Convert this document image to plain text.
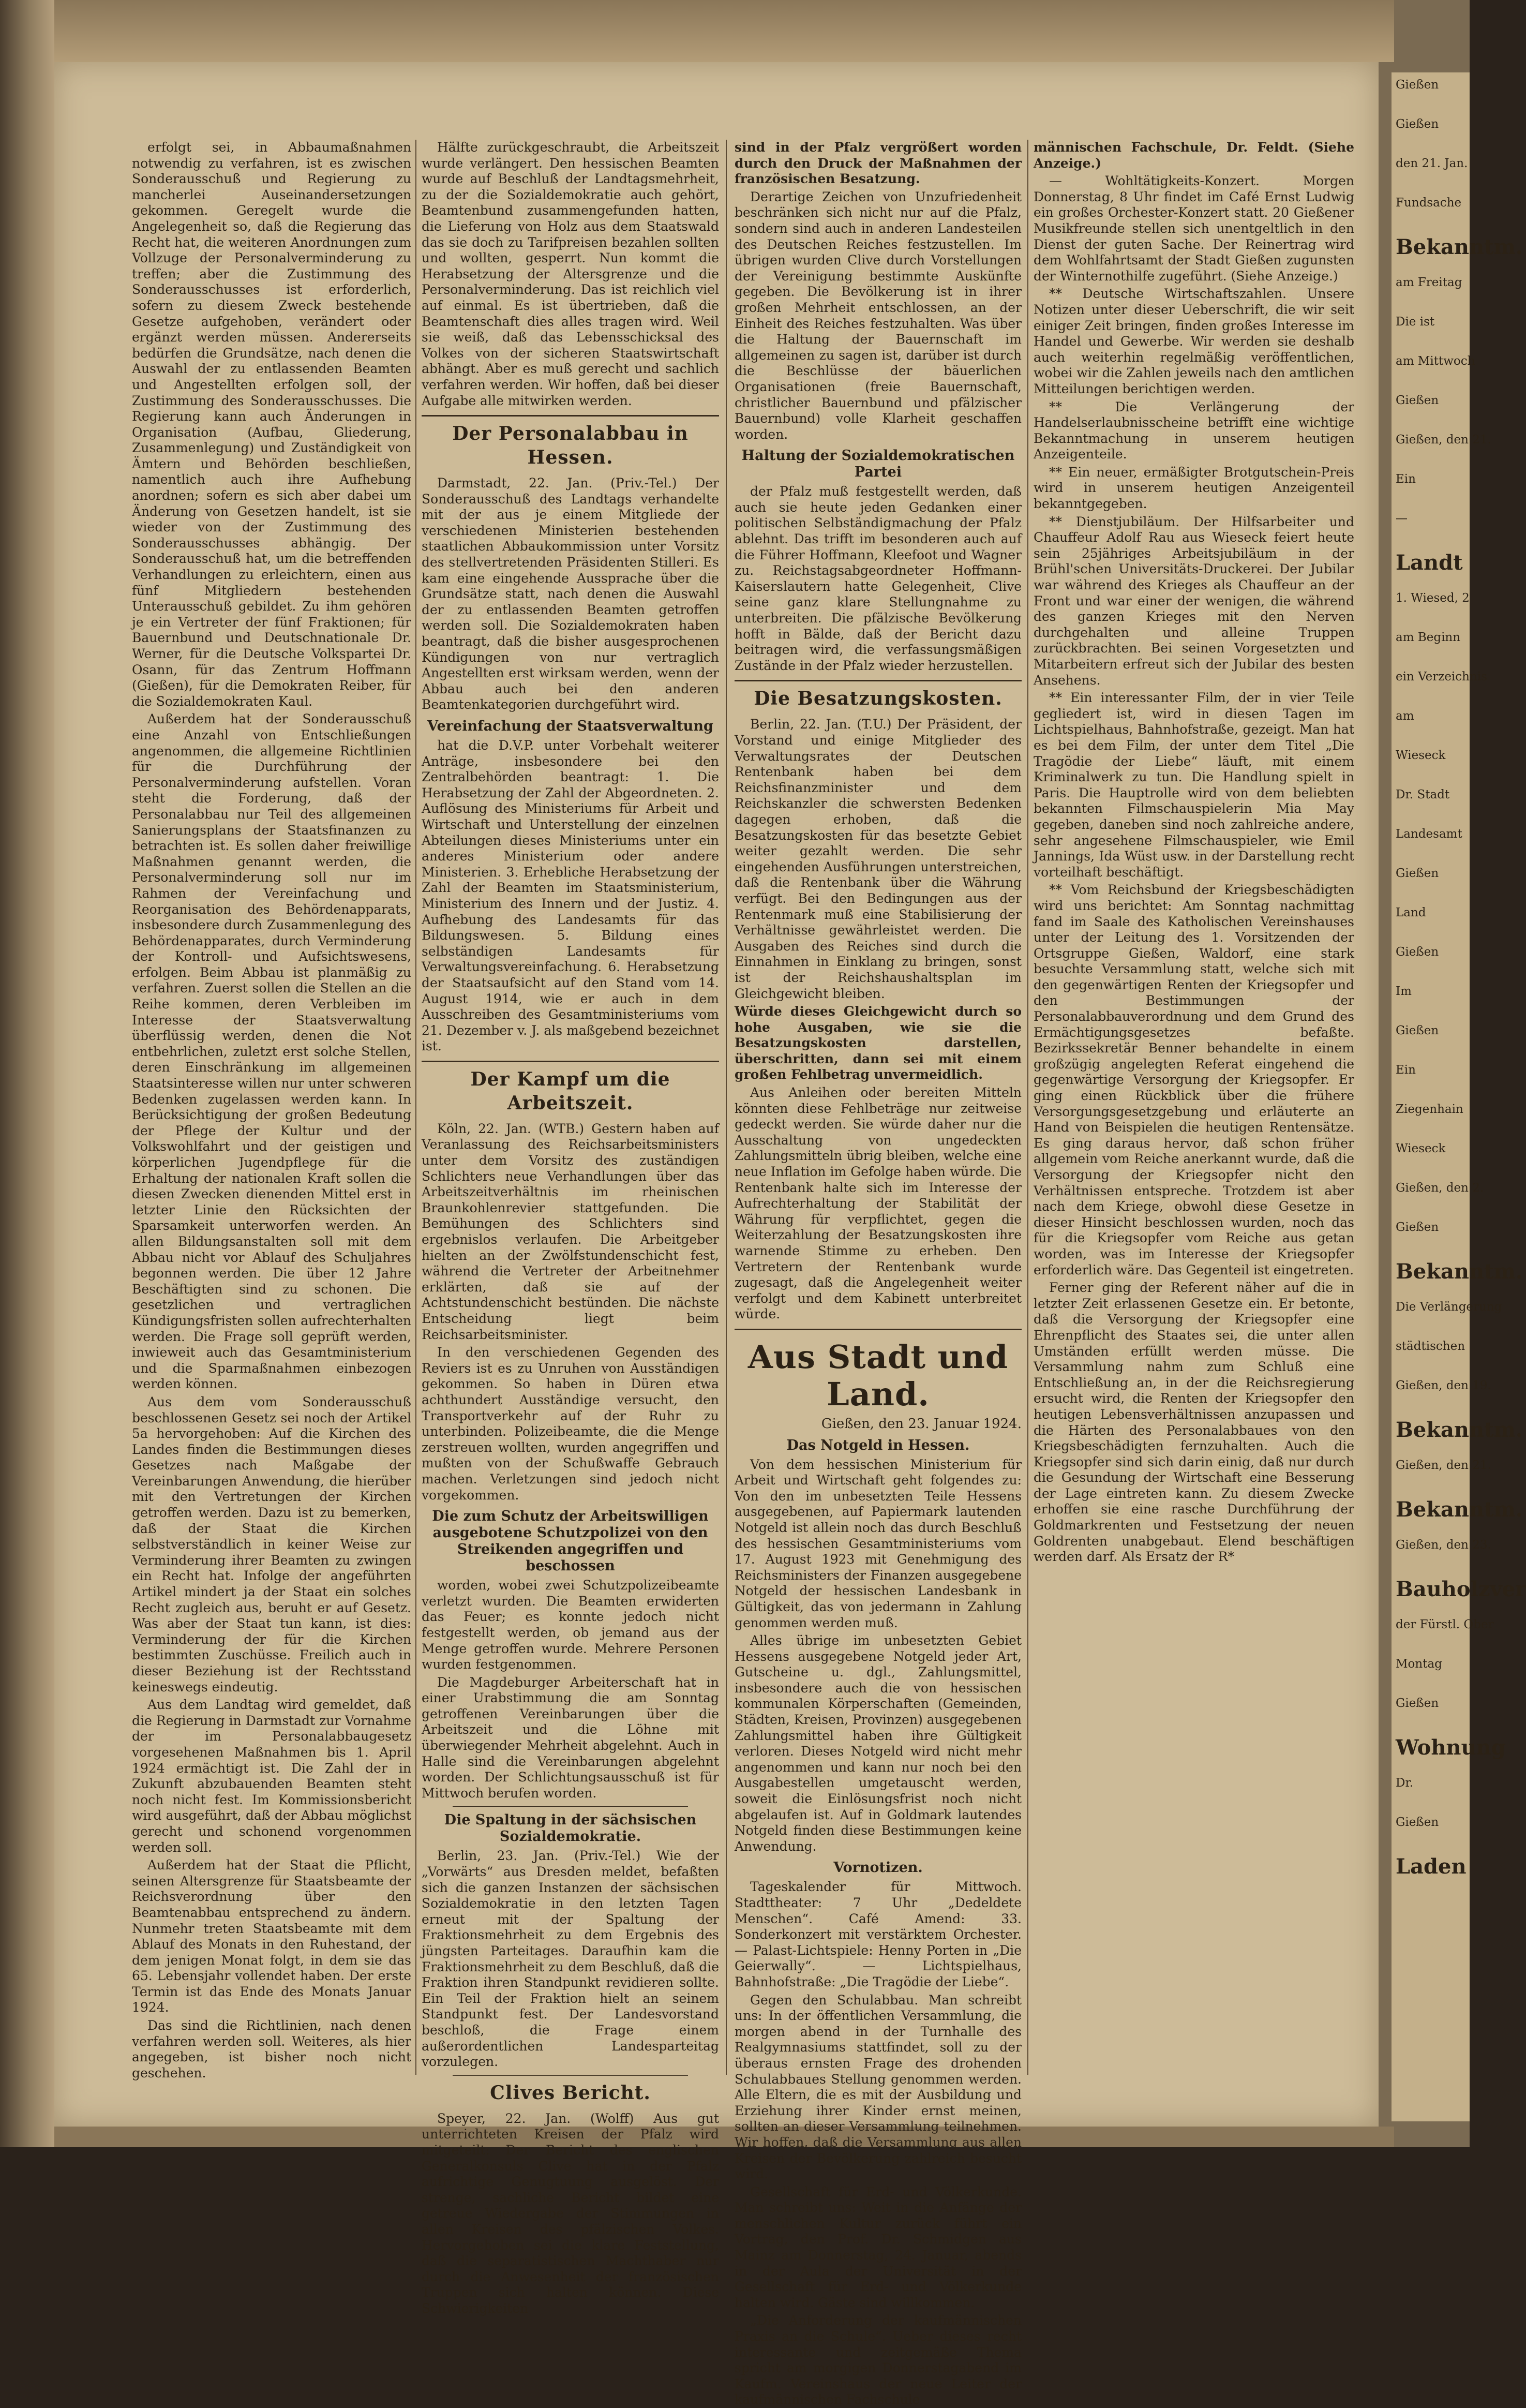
erfolgt sei, in Abbaumaßnahmen notwendig zu verfahren, ist es zwischen Sonderausschuß und Regierung zu mancherlei Auseinandersetzungen gekommen. Geregelt wurde die Angelegenheit so, daß die Regierung das Recht hat, die weiteren Anordnungen zum Vollzuge der Personalverminderung zu treffen; aber die Zustimmung des Sonderausschusses ist erforderlich, sofern zu diesem Zweck bestehende Gesetze aufgehoben, verändert oder ergänzt werden müssen. Andererseits bedürfen die Grundsätze, nach denen die Auswahl der zu entlassenden Beamten und Angestellten erfolgen soll, der Zustimmung des Sonderausschusses. Die Regierung kann auch Änderungen in Organisation (Aufbau, Gliederung, Zusammenlegung) und Zuständigkeit von Ämtern und Behörden beschließen, namentlich auch ihre Aufhebung anordnen; sofern es sich aber dabei um Änderung von Gesetzen handelt, ist sie wieder von der Zustimmung des Sonderausschusses abhängig. Der Sonderausschuß hat, um die betreffenden Verhandlungen zu erleichtern, einen aus fünf Mitgliedern bestehenden Unterausschuß gebildet. Zu ihm gehören je ein Vertreter der fünf Fraktionen; für Bauernbund und Deutschnationale Dr. Werner, für die Deutsche Volkspartei Dr. Osann, für das Zentrum Hoffmann (Gießen), für die Demokraten Reiber, für die Sozialdemokraten Kaul.

Außerdem hat der Sonderausschuß eine Anzahl von Entschließungen angenommen, die allgemeine Richtlinien für die Durchführung der Personalverminderung aufstellen. Voran steht die Forderung, daß der Personalabbau nur Teil des allgemeinen Sanierungsplans der Staatsfinanzen zu betrachten ist. Es sollen daher freiwillige Maßnahmen genannt werden, die Personalverminderung soll nur im Rahmen der Vereinfachung und Reorganisation des Behördenapparats, insbesondere durch Zusammenlegung des Behördenapparates, durch Verminderung der Kontroll- und Aufsichtswesens, erfolgen. Beim Abbau ist planmäßig zu verfahren. Zuerst sollen die Stellen an die Reihe kommen, deren Verbleiben im Interesse der Staatsverwaltung überflüssig werden, denen die Not entbehrlichen, zuletzt erst solche Stellen, deren Einschränkung im allgemeinen Staatsinteresse willen nur unter schweren Bedenken zugelassen werden kann. In Berücksichtigung der großen Bedeutung der Pflege der Kultur und der Volkswohlfahrt und der geistigen und körperlichen Jugendpflege für die Erhaltung der nationalen Kraft sollen die diesen Zwecken dienenden Mittel erst in letzter Linie den Rücksichten der Sparsamkeit unterworfen werden. An allen Bildungsanstalten soll mit dem Abbau nicht vor Ablauf des Schuljahres begonnen werden. Die über 12 Jahre Beschäftigten sind zu schonen. Die gesetzlichen und vertraglichen Kündigungsfristen sollen aufrechterhalten werden. Die Frage soll geprüft werden, inwieweit auch das Gesamtministerium und die Sparmaßnahmen einbezogen werden können.

Aus dem vom Sonderausschuß beschlossenen Gesetz sei noch der Artikel 5a hervorgehoben: Auf die Kirchen des Landes finden die Bestimmungen dieses Gesetzes nach Maßgabe der Vereinbarungen Anwendung, die hierüber mit den Vertretungen der Kirchen getroffen werden. Dazu ist zu bemerken, daß der Staat die Kirchen selbstverständlich in keiner Weise zur Verminderung ihrer Beamten zu zwingen ein Recht hat. Infolge der angeführten Artikel mindert ja der Staat ein solches Recht zugleich aus, beruht er auf Gesetz. Was aber der Staat tun kann, ist dies: Verminderung der für die Kirchen bestimmten Zuschüsse. Freilich auch in dieser Beziehung ist der Rechtsstand keineswegs eindeutig.

Aus dem Landtag wird gemeldet, daß die Regierung in Darmstadt zur Vornahme der im Personalabbaugesetz vorgesehenen Maßnahmen bis 1. April 1924 ermächtigt ist. Die Zahl der in Zukunft abzubauenden Beamten steht noch nicht fest. Im Kommissionsbericht wird ausgeführt, daß der Abbau möglichst gerecht und schonend vorgenommen werden soll.

Außerdem hat der Staat die Pflicht, seinen Altersgrenze für Staatsbeamte der Reichsverordnung über den Beamtenabbau entsprechend zu ändern. Nunmehr treten Staatsbeamte mit dem Ablauf des Monats in den Ruhestand, der dem jenigen Monat folgt, in dem sie das 65. Lebensjahr vollendet haben. Der erste Termin ist das Ende des Monats Januar 1924.

Das sind die Richtlinien, nach denen verfahren werden soll. Weiteres, als hier angegeben, ist bisher noch nicht geschehen.

Hälfte zurückgeschraubt, die Arbeitszeit wurde verlängert. Den hessischen Beamten wurde auf Beschluß der Landtagsmehrheit, zu der die Sozialdemokratie auch gehört, Beamtenbund zusammengefunden hatten, die Lieferung von Holz aus dem Staatswald das sie doch zu Tarifpreisen bezahlen sollten und wollten, gesperrt. Nun kommt die Herabsetzung der Altersgrenze und die Personalverminderung. Das ist reichlich viel auf einmal. Es ist übertrieben, daß die Beamtenschaft dies alles tragen wird. Weil sie weiß, daß das Lebensschicksal des Volkes von der sicheren Staatswirtschaft abhängt. Aber es muß gerecht und sachlich verfahren werden. Wir hoffen, daß bei dieser Aufgabe alle mitwirken werden.

Der Personalabbau in Hessen.

Darmstadt, 22. Jan. (Priv.-Tel.) Der Sonderausschuß des Landtags verhandelte mit der aus je einem Mitgliede der verschiedenen Ministerien bestehenden staatlichen Abbaukommission unter Vorsitz des stellvertretenden Präsidenten Stilleri. Es kam eine eingehende Aussprache über die Grundsätze statt, nach denen die Auswahl der zu entlassenden Beamten getroffen werden soll. Die Sozialdemokraten haben beantragt, daß die bisher ausgesprochenen Kündigungen von nur vertraglich Angestellten erst wirksam werden, wenn der Abbau auch bei den anderen Beamtenkategorien durchgeführt wird.

Vereinfachung der Staatsverwaltung

hat die D.V.P. unter Vorbehalt weiterer Anträge, insbesondere bei den Zentralbehörden beantragt: 1. Die Herabsetzung der Zahl der Abgeordneten. 2. Auflösung des Ministeriums für Arbeit und Wirtschaft und Unterstellung der einzelnen Abteilungen dieses Ministeriums unter ein anderes Ministerium oder andere Ministerien. 3. Erhebliche Herabsetzung der Zahl der Beamten im Staatsministerium, Ministerium des Innern und der Justiz. 4. Aufhebung des Landesamts für das Bildungswesen. 5. Bildung eines selbständigen Landesamts für Verwaltungsvereinfachung. 6. Herabsetzung der Staatsaufsicht auf den Stand vom 14. August 1914, wie er auch in dem Ausschreiben des Gesamtministeriums vom 21. Dezember v. J. als maßgebend bezeichnet ist.

Der Kampf um die Arbeitszeit.

Köln, 22. Jan. (WTB.) Gestern haben auf Veranlassung des Reichsarbeitsministers unter dem Vorsitz des zuständigen Schlichters neue Verhandlungen über das Arbeitszeitverhältnis im rheinischen Braunkohlenrevier stattgefunden. Die Bemühungen des Schlichters sind ergebnislos verlaufen. Die Arbeitgeber hielten an der Zwölfstundenschicht fest, während die Vertreter der Arbeitnehmer erklärten, daß sie auf der Achtstundenschicht bestünden. Die nächste Entscheidung liegt beim Reichsarbeitsminister.

In den verschiedenen Gegenden des Reviers ist es zu Unruhen von Ausständigen gekommen. So haben in Düren etwa achthundert Ausständige versucht, den Transportverkehr auf der Ruhr zu unterbinden. Polizeibeamte, die die Menge zerstreuen wollten, wurden angegriffen und mußten von der Schußwaffe Gebrauch machen. Verletzungen sind jedoch nicht vorgekommen.

Die zum Schutz der Arbeitswilligen ausgebotene Schutzpolizei von den Streikenden angegriffen und beschossen

worden, wobei zwei Schutzpolizeibeamte verletzt wurden. Die Beamten erwiderten das Feuer; es konnte jedoch nicht festgestellt werden, ob jemand aus der Menge getroffen wurde. Mehrere Personen wurden festgenommen.

Die Magdeburger Arbeiterschaft hat in einer Urabstimmung die am Sonntag getroffenen Vereinbarungen über die Arbeitszeit und die Löhne mit überwiegender Mehrheit abgelehnt. Auch in Halle sind die Vereinbarungen abgelehnt worden. Der Schlichtungsausschuß ist für Mittwoch berufen worden.

Die Spaltung in der sächsischen Sozialdemokratie.

Berlin, 23. Jan. (Priv.-Tel.) Wie der „Vorwärts“ aus Dresden meldet, befaßten sich die ganzen Instanzen der sächsischen Sozialdemokratie in den letzten Tagen erneut mit der Spaltung der Fraktionsmehrheit zu dem Ergebnis des jüngsten Parteitages. Daraufhin kam die Fraktionsmehrheit zu dem Beschluß, daß die Fraktion ihren Standpunkt revidieren sollte. Ein Teil der Fraktion hielt an seinem Standpunkt fest. Der Landesvorstand beschloß, die Frage einem außerordentlichen Landesparteitag vorzulegen.

Clives Bericht.

Speyer, 22. Jan. (Wolff) Aus gut unterrichteten Kreisen der Pfalz wird mitgeteilt: Der Bericht des englischen Generalkonsuls Clive hat in der Pfalz aufrichtige Genugtuung ausgelöst. Der strenge, sachliche Bericht bildet eine getreue Wiedergabe der Stimmungen in allen Kreisen des pfälzischen Volkes. Hervorgehoben sei die klare Feststellung, daß die separatistischen Machthaber nur durch die Anwesenheit der französischen Truppen sich halten können. Diese Schwierigkeiten

sind in der Pfalz vergrößert worden durch den Druck der Maßnahmen der französischen Besatzung.

Derartige Zeichen von Unzufriedenheit beschränken sich nicht nur auf die Pfalz, sondern sind auch in anderen Landesteilen des Deutschen Reiches festzustellen. Im übrigen wurden Clive durch Vorstellungen der Vereinigung bestimmte Auskünfte gegeben. Die Bevölkerung ist in ihrer großen Mehrheit entschlossen, an der Einheit des Reiches festzuhalten. Was über die Haltung der Bauernschaft im allgemeinen zu sagen ist, darüber ist durch die Beschlüsse der bäuerlichen Organisationen (freie Bauernschaft, christlicher Bauernbund und pfälzischer Bauernbund) volle Klarheit geschaffen worden.

Haltung der Sozialdemokratischen Partei

der Pfalz muß festgestellt werden, daß auch sie heute jeden Gedanken einer politischen Selbständigmachung der Pfalz ablehnt. Das trifft im besonderen auch auf die Führer Hoffmann, Kleefoot und Wagner zu. Reichstagsabgeordneter Hoffmann-Kaiserslautern hatte Gelegenheit, Clive seine ganz klare Stellungnahme zu unterbreiten. Die pfälzische Bevölkerung hofft in Bälde, daß der Bericht dazu beitragen wird, die verfassungsmäßigen Zustände in der Pfalz wieder herzustellen.

Die Besatzungskosten.

Berlin, 22. Jan. (T.U.) Der Präsident, der Vorstand und einige Mitglieder des Verwaltungsrates der Deutschen Rentenbank haben bei dem Reichsfinanzminister und dem Reichskanzler die schwersten Bedenken dagegen erhoben, daß die Besatzungskosten für das besetzte Gebiet weiter gezahlt werden. Die sehr eingehenden Ausführungen unterstreichen, daß die Rentenbank über die Währung verfügt. Bei den Bedingungen aus der Rentenmark muß eine Stabilisierung der Verhältnisse gewährleistet werden. Die Ausgaben des Reiches sind durch die Einnahmen in Einklang zu bringen, sonst ist der Reichshaushaltsplan im Gleichgewicht bleiben.

Würde dieses Gleichgewicht durch so hohe Ausgaben, wie sie die Besatzungskosten darstellen, überschritten, dann sei mit einem großen Fehlbetrag unvermeidlich.

Aus Anleihen oder bereiten Mitteln könnten diese Fehlbeträge nur zeitweise gedeckt werden. Sie würde daher nur die Ausschaltung von ungedeckten Zahlungsmitteln übrig bleiben, welche eine neue Inflation im Gefolge haben würde. Die Rentenbank halte sich im Interesse der Aufrechterhaltung der Stabilität der Währung für verpflichtet, gegen die Weiterzahlung der Besatzungskosten ihre warnende Stimme zu erheben. Den Vertretern der Rentenbank wurde zugesagt, daß die Angelegenheit weiter verfolgt und dem Kabinett unterbreitet würde.

Aus Stadt und Land.
Gießen, den 23. Januar 1924.
Das Notgeld in Hessen.

Von dem hessischen Ministerium für Arbeit und Wirtschaft geht folgendes zu: Von den im unbesetzten Teile Hessens ausgegebenen, auf Papiermark lautenden Notgeld ist allein noch das durch Beschluß des hessischen Gesamtministeriums vom 17. August 1923 mit Genehmigung des Reichsministers der Finanzen ausgegebene Notgeld der hessischen Landesbank in Gültigkeit, das von jedermann in Zahlung genommen werden muß.

Alles übrige im unbesetzten Gebiet Hessens ausgegebene Notgeld jeder Art, Gutscheine u. dgl., Zahlungsmittel, insbesondere auch die von hessischen kommunalen Körperschaften (Gemeinden, Städten, Kreisen, Provinzen) ausgegebenen Zahlungsmittel haben ihre Gültigkeit verloren. Dieses Notgeld wird nicht mehr angenommen und kann nur noch bei den Ausgabestellen umgetauscht werden, soweit die Einlösungsfrist noch nicht abgelaufen ist. Auf in Goldmark lautendes Notgeld finden diese Bestimmungen keine Anwendung.

Vornotizen.

Tageskalender für Mittwoch. Stadttheater: 7 Uhr „Dedeldete Menschen“. Café Amend: 33. Sonderkonzert mit verstärktem Orchester. — Palast-Lichtspiele: Henny Porten in „Die Geierwally“. — Lichtspielhaus, Bahnhofstraße: „Die Tragödie der Liebe“.

Gegen den Schulabbau. Man schreibt uns: In der öffentlichen Versammlung, die morgen abend in der Turnhalle des Realgymnasiums stattfindet, soll zu der überaus ernsten Frage des drohenden Schulabbaues Stellung genommen werden. Alle Eltern, die es mit der Ausbildung und Erziehung ihrer Kinder ernst meinen, sollten an dieser Versammlung teilnehmen. Wir hoffen, daß die Versammlung aus allen Kreisen der Bevölkerung zahlreich besucht wird.

Gesellschaft für Erd- und Völkerkunde. Man schreibt uns: Weit in die Anfänge der menschlichen Kultur zurück führt ein Vortrag, den Prof. Dr. Schmidgen aus Mainz am Donnerstag, 24. Januar, abends in der Aula der Universität in der Gesellschaft für Erd- und Völkerkunde halten wird. Gäste sind willkommen.

„Die Anforderung der kaufmännischen Praxis an die Schule“. Ueber dieses recht interessante und zeitgemäße Thema spricht am morgigen Donnerstagabend im Kaufm. Vereinshaus der neue Leiter der kaufmännischen Fachschule

männischen Fachschule, Dr. Feldt. (Siehe Anzeige.)

— Wohltätigkeits-Konzert. Morgen Donnerstag, 8 Uhr findet im Café Ernst Ludwig ein großes Orchester-Konzert statt. 20 Gießener Musikfreunde stellen sich unentgeltlich in den Dienst der guten Sache. Der Reinertrag wird dem Wohlfahrtsamt der Stadt Gießen zugunsten der Winternothilfe zugeführt. (Siehe Anzeige.)

** Deutsche Wirtschaftszahlen. Unsere Notizen unter dieser Ueberschrift, die wir seit einiger Zeit bringen, finden großes Interesse im Handel und Gewerbe. Wir werden sie deshalb auch weiterhin regelmäßig veröffentlichen, wobei wir die Zahlen jeweils nach den amtlichen Mitteilungen berichtigen werden.

** Die Verlängerung der Handelserlaubnisscheine betrifft eine wichtige Bekanntmachung in unserem heutigen Anzeigenteile.

** Ein neuer, ermäßigter Brotgutschein-Preis wird in unserem heutigen Anzeigenteil bekanntgegeben.

** Dienstjubiläum. Der Hilfsarbeiter und Chauffeur Adolf Rau aus Wieseck feiert heute sein 25jähriges Arbeitsjubiläum in der Brühl'schen Universitäts-Druckerei. Der Jubilar war während des Krieges als Chauffeur an der Front und war einer der wenigen, die während des ganzen Krieges mit den Nerven durchgehalten und alleine Truppen zurückbrachten. Bei seinen Vorgesetzten und Mitarbeitern erfreut sich der Jubilar des besten Ansehens.

** Ein interessanter Film, der in vier Teile gegliedert ist, wird in diesen Tagen im Lichtspielhaus, Bahnhofstraße, gezeigt. Man hat es bei dem Film, der unter dem Titel „Die Tragödie der Liebe“ läuft, mit einem Kriminalwerk zu tun. Die Handlung spielt in Paris. Die Hauptrolle wird von dem beliebten bekannten Filmschauspielerin Mia May gegeben, daneben sind noch zahlreiche andere, sehr angesehene Filmschauspieler, wie Emil Jannings, Ida Wüst usw. in der Darstellung recht vorteilhaft beschäftigt.

** Vom Reichsbund der Kriegsbeschädigten wird uns berichtet: Am Sonntag nachmittag fand im Saale des Katholischen Vereinshauses unter der Leitung des 1. Vorsitzenden der Ortsgruppe Gießen, Waldorf, eine stark besuchte Versammlung statt, welche sich mit den gegenwärtigen Renten der Kriegsopfer und den Bestimmungen der Personalabbauverordnung und dem Grund des Ermächtigungsgesetzes befaßte. Bezirkssekretär Benner behandelte in einem großzügig angelegten Referat eingehend die gegenwärtige Versorgung der Kriegsopfer. Er ging einen Rückblick über die frühere Versorgungsgesetzgebung und erläuterte an Hand von Beispielen die heutigen Rentensätze. Es ging daraus hervor, daß schon früher allgemein vom Reiche anerkannt wurde, daß die Versorgung der Kriegsopfer nicht den Verhältnissen entspreche. Trotzdem ist aber nach dem Kriege, obwohl diese Gesetze in dieser Hinsicht beschlossen wurden, noch das für die Kriegsopfer vom Reiche aus getan worden, was im Interesse der Kriegsopfer erforderlich wäre. Das Gegenteil ist eingetreten.

Ferner ging der Referent näher auf die in letzter Zeit erlassenen Gesetze ein. Er betonte, daß die Versorgung der Kriegsopfer eine Ehrenpflicht des Staates sei, die unter allen Umständen erfüllt werden müsse. Die Versammlung nahm zum Schluß eine Entschließung an, in der die Reichsregierung ersucht wird, die Renten der Kriegsopfer den heutigen Lebensverhältnissen anzupassen und die Härten des Personalabbaues von den Kriegsbeschädigten fernzuhalten. Auch die Kriegsopfer sind sich darin einig, daß nur durch die Gesundung der Wirtschaft eine Besserung der Lage eintreten kann. Zu diesem Zwecke erhoffen sie eine rasche Durchführung der Goldmarkrenten und Festsetzung der neuen Goldrenten unabgebaut. Elend beschäftigen werden darf. Als Ersatz der R*

Gießen
Gießen
den 21. Jan.
Fundsache
Bekanntm.
am Freitag
Die ist
am Mittwoch
Gießen
Gießen, den 21.
Ein
—
Landt
1. Wiesed, 2
am Beginn
ein Verzeichnis
am
Wieseck
Dr. Stadt
Landesamt
Gießen
Land
Gießen
Im
Gießen
Ein
Ziegenhain
Wieseck
Gießen, den 2.
Gießen
Bekanntm.
Die Verlängerung
städtischen
Gießen, den 19.
Bekanntm.
Gießen, den 21.
Bekanntm.
Gießen, den 23.
Bauholzver
der Fürstl. Ober
Montag
Gießen
Wohnung
Dr.
Gießen
Laden
